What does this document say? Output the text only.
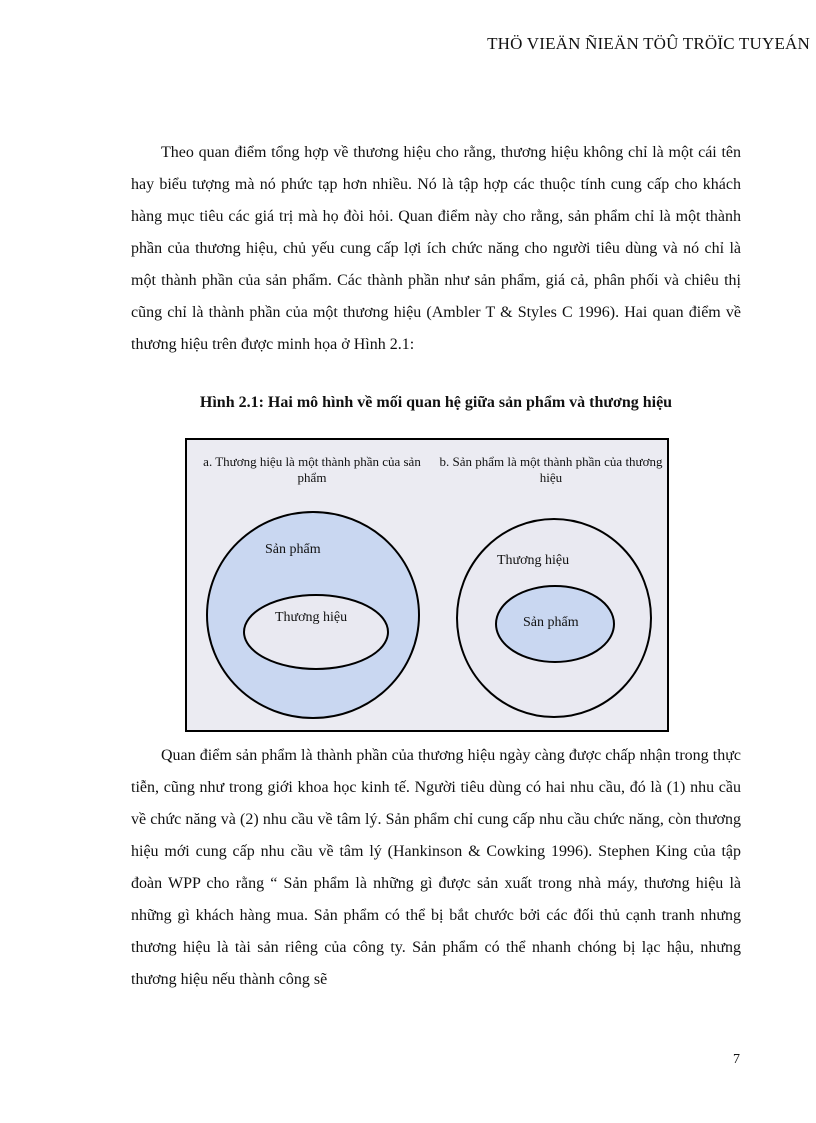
THÖ VIEÄN ÑIEÄN TÖÛ TRÖÏC TUYEÁN

Theo quan điểm tổng hợp về thương hiệu cho rằng, thương hiệu không chỉ là một cái tên hay biểu tượng mà nó phức tạp hơn nhiều. Nó là tập hợp các thuộc tính cung cấp cho khách hàng mục tiêu các giá trị mà họ đòi hỏi. Quan điểm này cho rằng, sản phẩm chỉ là một thành phần của thương hiệu, chủ yếu cung cấp lợi ích chức năng cho người tiêu dùng và nó chỉ là một thành phần của sản phẩm. Các thành phần như sản phẩm, giá cả, phân phối và chiêu thị cũng chỉ là thành phần của một thương hiệu (Ambler T & Styles C 1996). Hai quan điểm về thương hiệu trên được minh họa ở Hình 2.1:

Hình 2.1: Hai mô hình về mối quan hệ giữa sản phẩm và thương hiệu
a. Thương hiệu là một thành phần của sản phẩm
b. Sản phẩm là một thành phần của thương hiệu
Sản phẩm
Thương hiệu
Thương hiệu
Sản phẩm

Quan điểm sản phẩm là thành phần của thương hiệu ngày càng được chấp nhận trong thực tiễn, cũng như trong giới khoa học kinh tế. Người tiêu dùng có hai nhu cầu, đó là (1) nhu cầu về chức năng và (2) nhu cầu về tâm lý. Sản phẩm chỉ cung cấp nhu cầu chức năng, còn thương hiệu mới cung cấp nhu cầu về tâm lý (Hankinson & Cowking 1996). Stephen King của tập đoàn WPP cho rằng “ Sản phẩm là những gì được sản xuất trong nhà máy, thương hiệu là những gì khách hàng mua. Sản phẩm có thể bị bắt chước bởi các đối thủ cạnh tranh nhưng thương hiệu là tài sản riêng của công ty. Sản phẩm có thể nhanh chóng bị lạc hậu, nhưng thương hiệu nếu thành công sẽ

7
